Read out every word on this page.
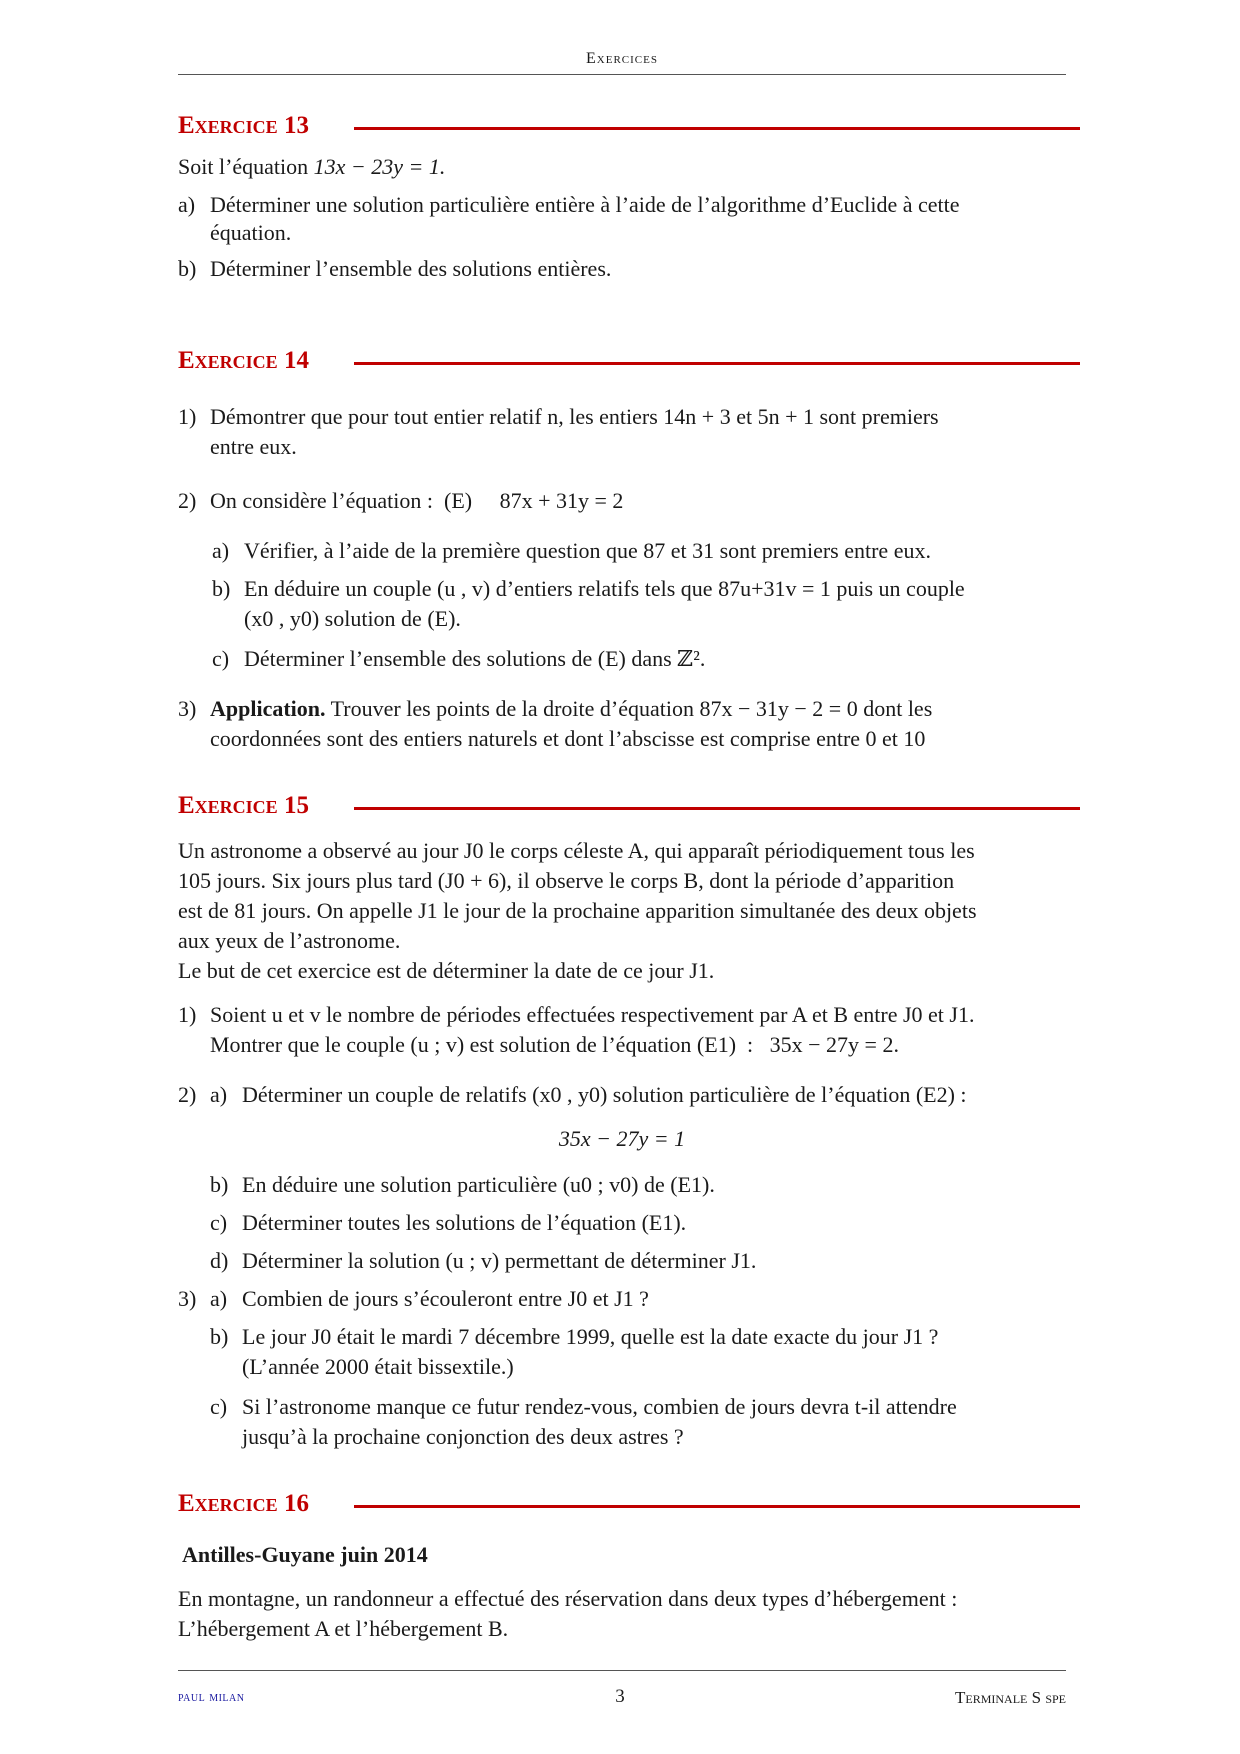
Exercices
Exercice 13
Soit l’équation 13x − 23y = 1.
a) Déterminer une solution particulière entière à l’aide de l’algorithme d’Euclide à cette
équation.
b) Déterminer l’ensemble des solutions entières.
Exercice 14
1) Démontrer que pour tout entier relatif n, les entiers 14n + 3 et 5n + 1 sont premiers
entre eux.
2) On considère l’équation :  (E)     87x + 31y = 2
a) Vérifier, à l’aide de la première question que 87 et 31 sont premiers entre eux.
b) En déduire un couple (u , v) d’entiers relatifs tels que 87u+31v = 1 puis un couple
(x0 , y0) solution de (E).
c) Déterminer l’ensemble des solutions de (E) dans ℤ².
3) Application. Trouver les points de la droite d’équation 87x − 31y − 2 = 0 dont les
coordonnées sont des entiers naturels et dont l’abscisse est comprise entre 0 et 10
Exercice 15
Un astronome a observé au jour J0 le corps céleste A, qui apparaît périodiquement tous les
105 jours. Six jours plus tard (J0 + 6), il observe le corps B, dont la période d’apparition
est de 81 jours. On appelle J1 le jour de la prochaine apparition simultanée des deux objets
aux yeux de l’astronome.
Le but de cet exercice est de déterminer la date de ce jour J1.
1) Soient u et v le nombre de périodes effectuées respectivement par A et B entre J0 et J1.
Montrer que le couple (u ; v) est solution de l’équation (E1)  :   35x − 27y = 2.
2) a) Déterminer un couple de relatifs (x0 , y0) solution particulière de l’équation (E2) :
35x − 27y = 1
b) En déduire une solution particulière (u0 ; v0) de (E1).
c) Déterminer toutes les solutions de l’équation (E1).
d) Déterminer la solution (u ; v) permettant de déterminer J1.
3) a) Combien de jours s’écouleront entre J0 et J1 ?
b) Le jour J0 était le mardi 7 décembre 1999, quelle est la date exacte du jour J1 ?
(L’année 2000 était bissextile.)
c) Si l’astronome manque ce futur rendez-vous, combien de jours devra t-il attendre
jusqu’à la prochaine conjonction des deux astres ?
Exercice 16
Antilles-Guyane juin 2014
En montagne, un randonneur a effectué des réservation dans deux types d’hébergement :
L’hébergement A et l’hébergement B.
paul milan	3	Terminale S spe
